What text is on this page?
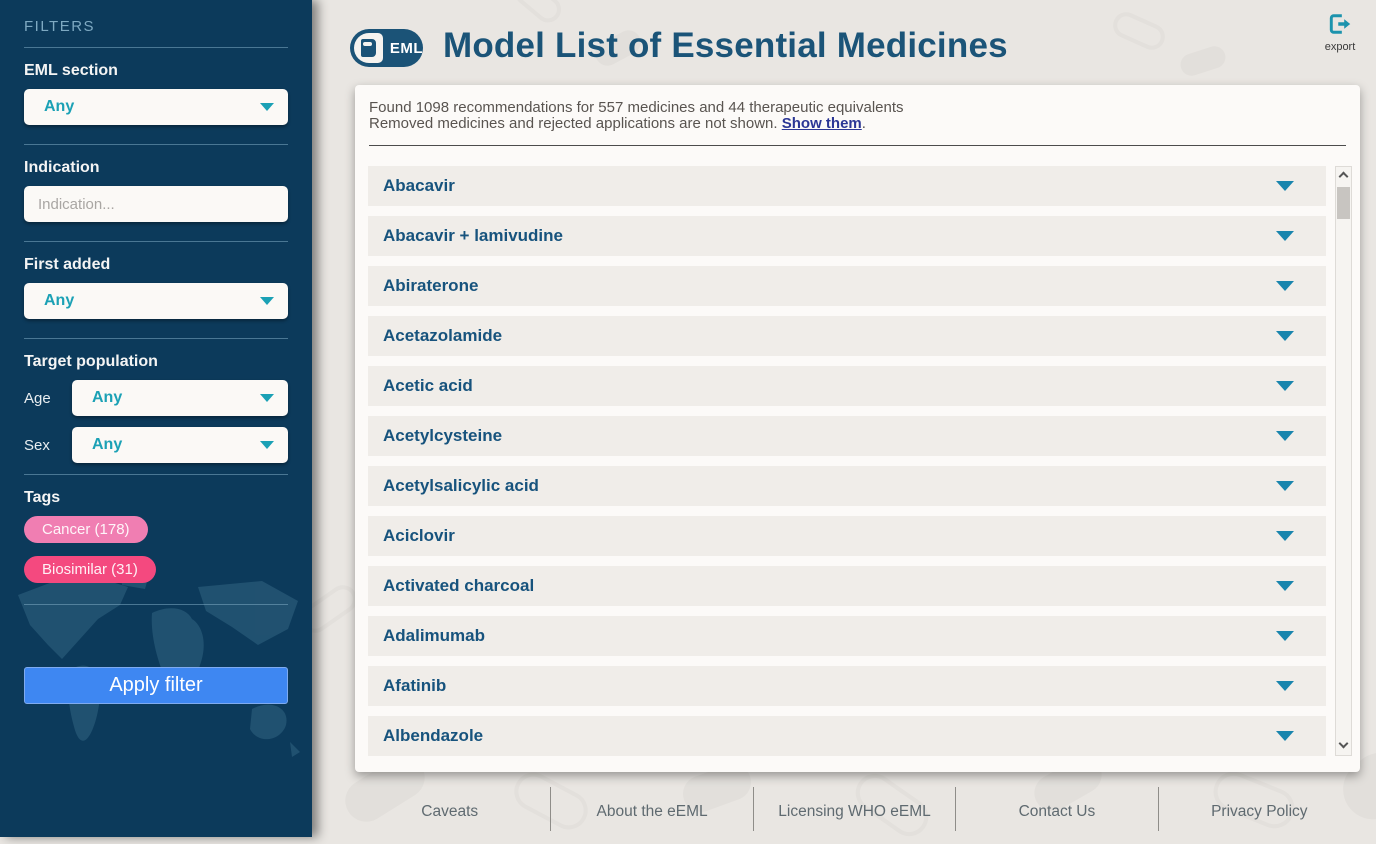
FILTERS
EML section
Any
Indication
Indication...
First added
Any
Target population
Age	Any
Sex	Any
Tags
Cancer (178)
Biosimilar (31)
Apply filter
EML Model List of Essential Medicines	export
Found 1098 recommendations for 557 medicines and 44 therapeutic equivalents
Removed medicines and rejected applications are not shown. Show them.
Abacavir
Abacavir + lamivudine
Abiraterone
Acetazolamide
Acetic acid
Acetylcysteine
Acetylsalicylic acid
Aciclovir
Activated charcoal
Adalimumab
Afatinib
Albendazole
Caveats	About the eEML	Licensing WHO eEML	Contact Us	Privacy Policy
